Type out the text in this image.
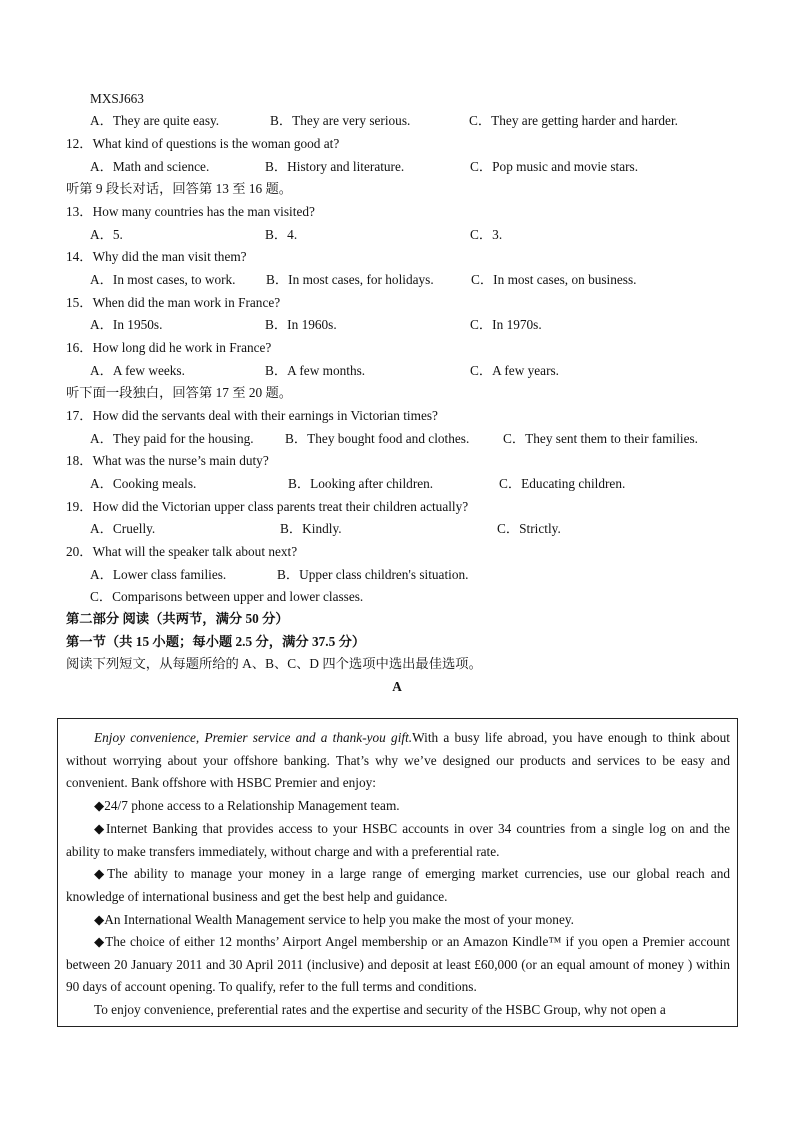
MXSJ663
A．They are quite easy.	B．They are very serious.	C．They are getting harder and harder.
12．What kind of questions is the woman good at?
A．Math and science.	B．History and literature.	C．Pop music and movie stars.
听第 9 段长对话，回答第 13 至 16 题。
13．How many countries has the man visited?
A．5.	B．4.	C．3.
14．Why did the man visit them?
A．In most cases, to work. B．In most cases, for holidays.	C．In most cases, on business.
15．When did the man work in France?
A．In 1950s.	B．In 1960s.	C．In 1970s.
16．How long did he work in France?
A．A few weeks.	B．A few months.	C．A few years.
听下面一段独白，回答第 17 至 20 题。
17．How did the servants deal with their earnings in Victorian times?
A．They paid for the housing. B．They bought food and clothes.	C．They sent them to their families.
18．What was the nurse’s main duty?
A．Cooking meals.	B．Looking after children.	C．Educating children.
19．How did the Victorian upper class parents treat their children actually?
A．Cruelly.	B．Kindly.	C．Strictly.
20．What will the speaker talk about next?
A．Lower class families.	B．Upper class children's situation.
C．Comparisons between upper and lower classes.
第二部分 阅读（共两节，满分 50 分）
第一节（共 15 小题；每小题 2.5 分，满分 37.5 分）
阅读下列短文，从每题所给的 A、B、C、D 四个选项中选出最佳选项。
A
Enjoy convenience, Premier service and a thank-you gift.With a busy life abroad, you have enough to think about without worrying about your offshore banking. That’s why we’ve designed our products and services to be easy and convenient. Bank offshore with HSBC Premier and enjoy:
◆24/7 phone access to a Relationship Management team.
◆Internet Banking that provides access to your HSBC accounts in over 34 countries from a single log on and the ability to make transfers immediately, without charge and with a preferential rate.
◆The ability to manage your money in a large range of emerging market currencies, use our global reach and knowledge of international business and get the best help and guidance.
◆An International Wealth Management service to help you make the most of your money.
◆The choice of either 12 months’ Airport Angel membership or an Amazon Kindle™ if you open a Premier account between 20 January 2011 and 30 April 2011 (inclusive) and deposit at least £60,000 (or an equal amount of money ) within 90 days of account opening. To qualify, refer to the full terms and conditions.
To enjoy convenience, preferential rates and the expertise and security of the HSBC Group, why not open a
